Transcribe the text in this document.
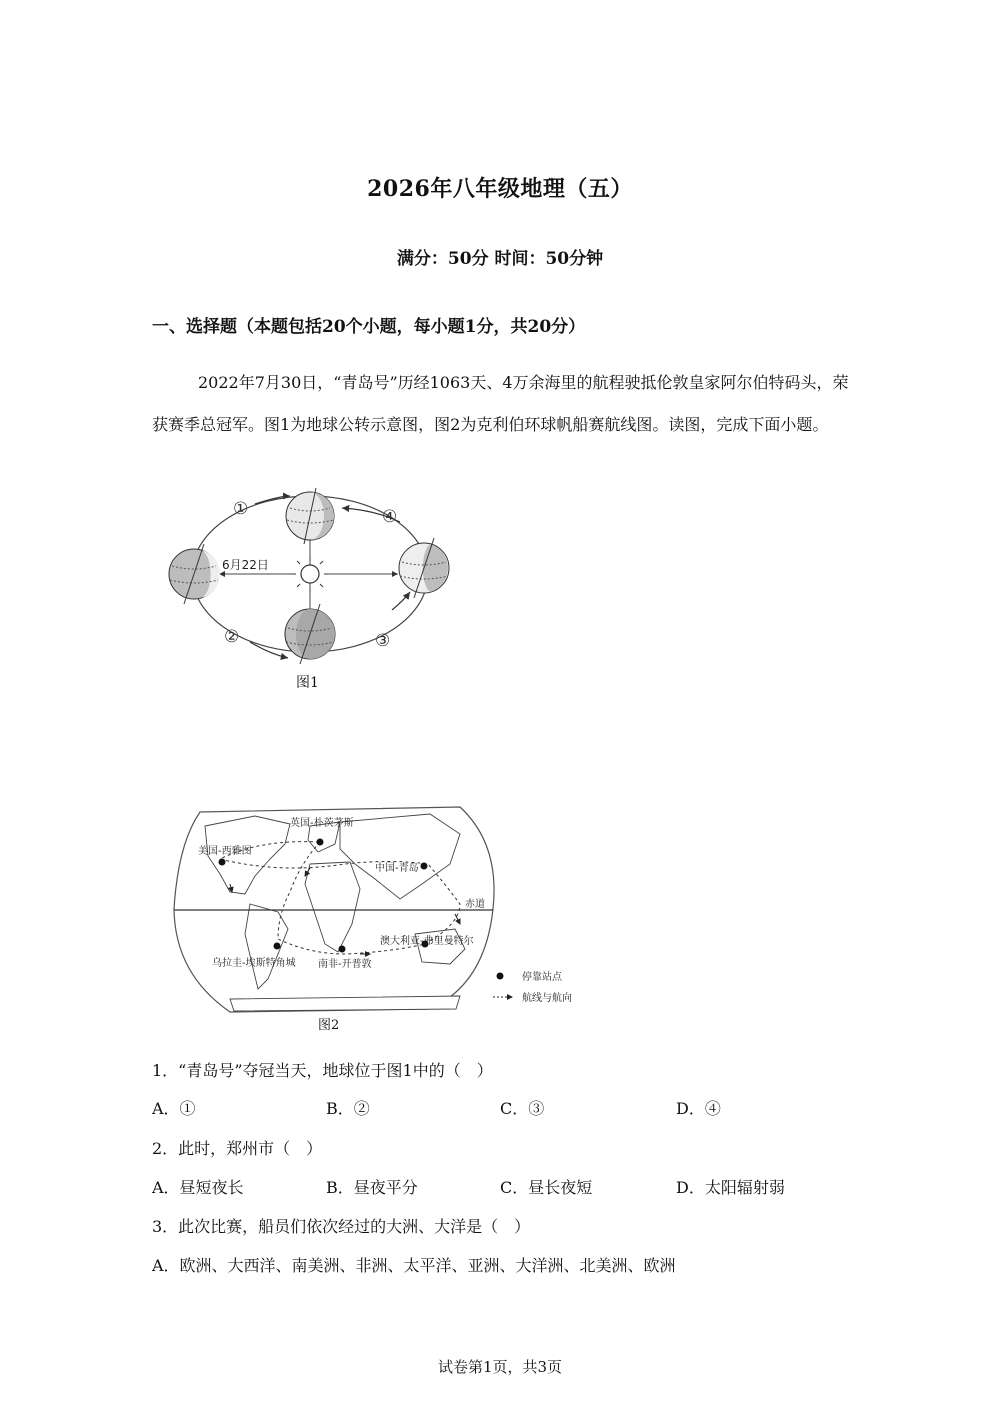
2026年八年级地理（五）
满分：50分 时间：50分钟
一、选择题（本题包括20个小题，每小题1分，共20分）
2022年7月30日，“青岛号”历经1063天、4万余海里的航程驶抵伦敦皇家阿尔伯特码头，荣获赛季总冠军。图1为地球公转示意图，图2为克利伯环球帆船赛航线图。读图，完成下面小题。
①
②	③
④
6月22日
图1
英国-朴茨茅斯
美国-西雅图
中国-青岛
澳大利亚-弗里曼特尔
南非-开普敦
乌拉圭-埃斯特角城
赤道
停靠站点
航线与航向
图2
1．“青岛号”夺冠当天，地球位于图1中的（　）
A．①	B．②	C．③	D．④
2．此时，郑州市（　）
A．昼短夜长	B．昼夜平分	C．昼长夜短	D．太阳辐射弱
3．此次比赛，船员们依次经过的大洲、大洋是（　）
A．欧洲、大西洋、南美洲、非洲、太平洋、亚洲、大洋洲、北美洲、欧洲
试卷第1页，共3页
